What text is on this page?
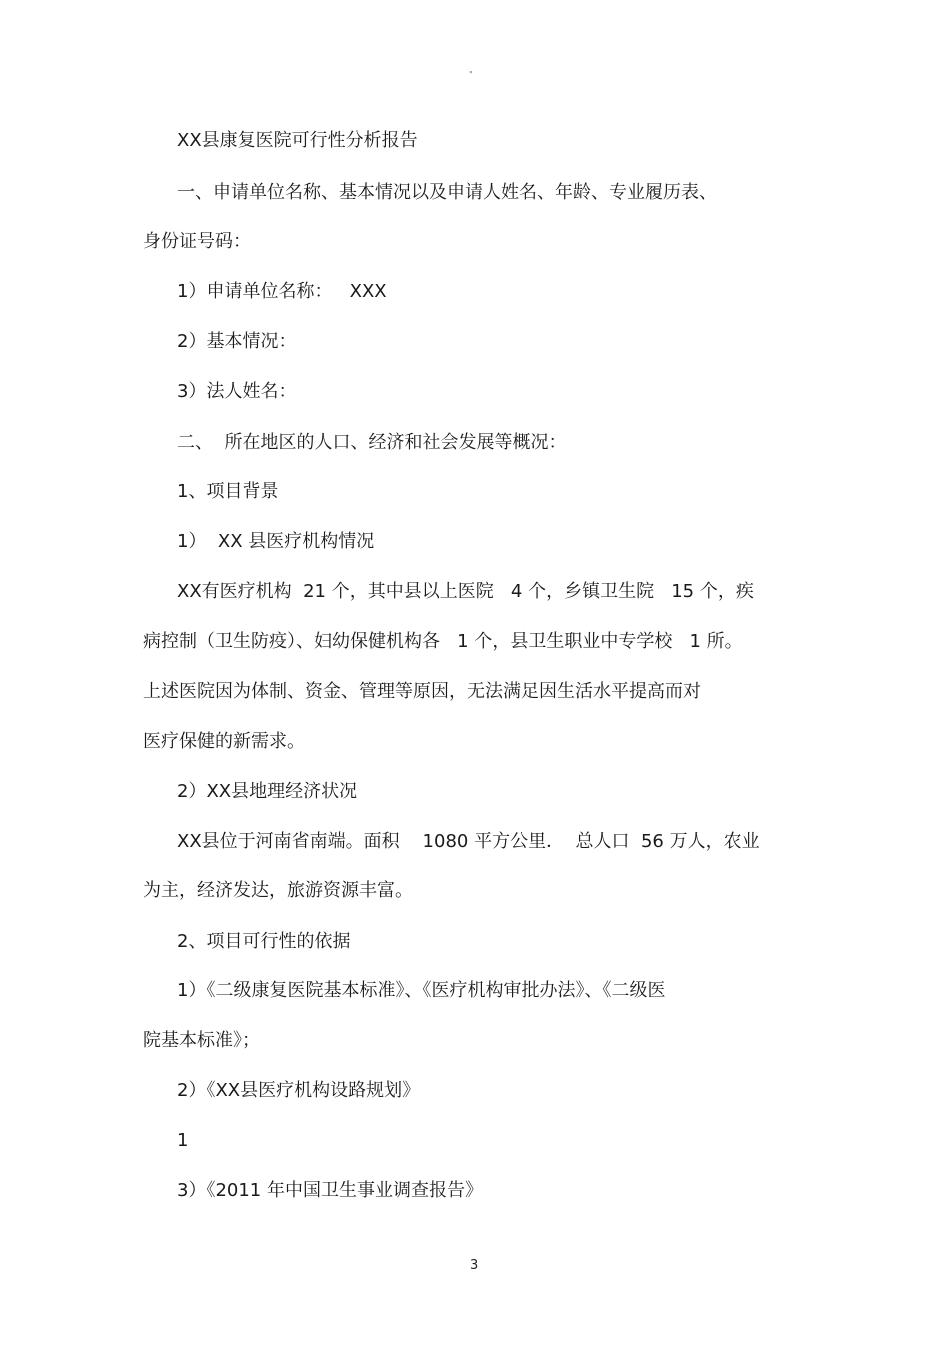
"
XX县康复医院可行性分析报告
一、申请单位名称、基本情况以及申请人姓名、年龄、专业履历表、
身份证号码：
1）申请单位名称：   XXX
2）基本情况：
3）法人姓名：
二、  所在地区的人口、经济和社会发展等概况：
1、项目背景
1）  XX 县医疗机构情况
XX有医疗机构  21 个，其中县以上医院   4 个，乡镇卫生院   15 个，疾
病控制（卫生防疫）、妇幼保健机构各   1 个，县卫生职业中专学校   1 所。
上述医院因为体制、资金、管理等原因，无法满足因生活水平提高而对
医疗保健的新需求。
2）XX县地理经济状况
XX县位于河南省南端。面积    1080 平方公里．  总人口  56 万人，农业
为主，经济发达，旅游资源丰富。
2、项目可行性的依据
1）《二级康复医院基本标准》、《医疗机构审批办法》、《二级医
院基本标准》；
2）《XX县医疗机构设路规划》
1
3）《2011 年中国卫生事业调查报告》
3
